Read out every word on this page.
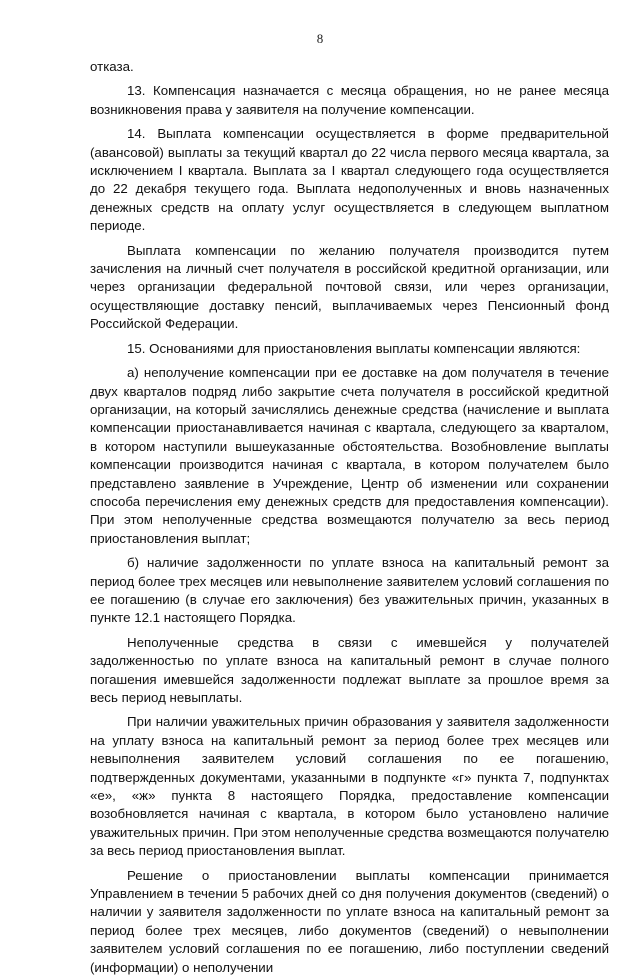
8

отказа.

13. Компенсация назначается с месяца обращения, но не ранее месяца возникновения права у заявителя на получение компенсации.

14. Выплата компенсации осуществляется в форме предварительной (авансовой) выплаты за текущий квартал до 22 числа первого месяца квартала, за исключением I квартала. Выплата за I квартал следующего года осуществляется до 22 декабря текущего года. Выплата недополученных и вновь назначенных денежных средств на оплату услуг осуществляется в следующем выплатном периоде.

Выплата компенсации по желанию получателя производится путем зачисления на личный счет получателя в российской кредитной организации, или через организации федеральной почтовой связи, или через организации, осуществляющие доставку пенсий, выплачиваемых через Пенсионный фонд Российской Федерации.

15. Основаниями для приостановления выплаты компенсации являются:

а) неполучение компенсации при ее доставке на дом получателя в течение двух кварталов подряд либо закрытие счета получателя в российской кредитной организации, на который зачислялись денежные средства (начисление и выплата компенсации приостанавливается начиная с квартала, следующего за кварталом, в котором наступили вышеуказанные обстоятельства. Возобновление выплаты компенсации производится начиная с квартала, в котором получателем было представлено заявление в Учреждение, Центр об изменении или сохранении способа перечисления ему денежных средств для предоставления компенсации). При этом неполученные средства возмещаются получателю за весь период приостановления выплат;

б) наличие задолженности по уплате взноса на капитальный ремонт за период более трех месяцев или невыполнение заявителем условий соглашения по ее погашению (в случае его заключения) без уважительных причин, указанных в пункте 12.1 настоящего Порядка.

Неполученные средства в связи с имевшейся у получателей задолженностью по уплате взноса на капитальный ремонт в случае полного погашения имевшейся задолженности подлежат выплате за прошлое время за весь период невыплаты.

При наличии уважительных причин образования у заявителя задолженности на уплату взноса на капитальный ремонт за период более трех месяцев или невыполнения заявителем условий соглашения по ее погашению, подтвержденных документами, указанными в подпункте «г» пункта 7, подпунктах «е», «ж» пункта 8 настоящего Порядка, предоставление компенсации возобновляется начиная с квартала, в котором было установлено наличие уважительных причин. При этом неполученные средства возмещаются получателю за весь период приостановления выплат.

Решение о приостановлении выплаты компенсации принимается Управлением в течении 5 рабочих дней со дня получения документов (сведений) о наличии у заявителя задолженности по уплате взноса на капитальный ремонт за период более трех месяцев, либо документов (сведений) о невыполнении заявителем условий соглашения по ее погашению, либо поступлении сведений (информации) о неполучении
